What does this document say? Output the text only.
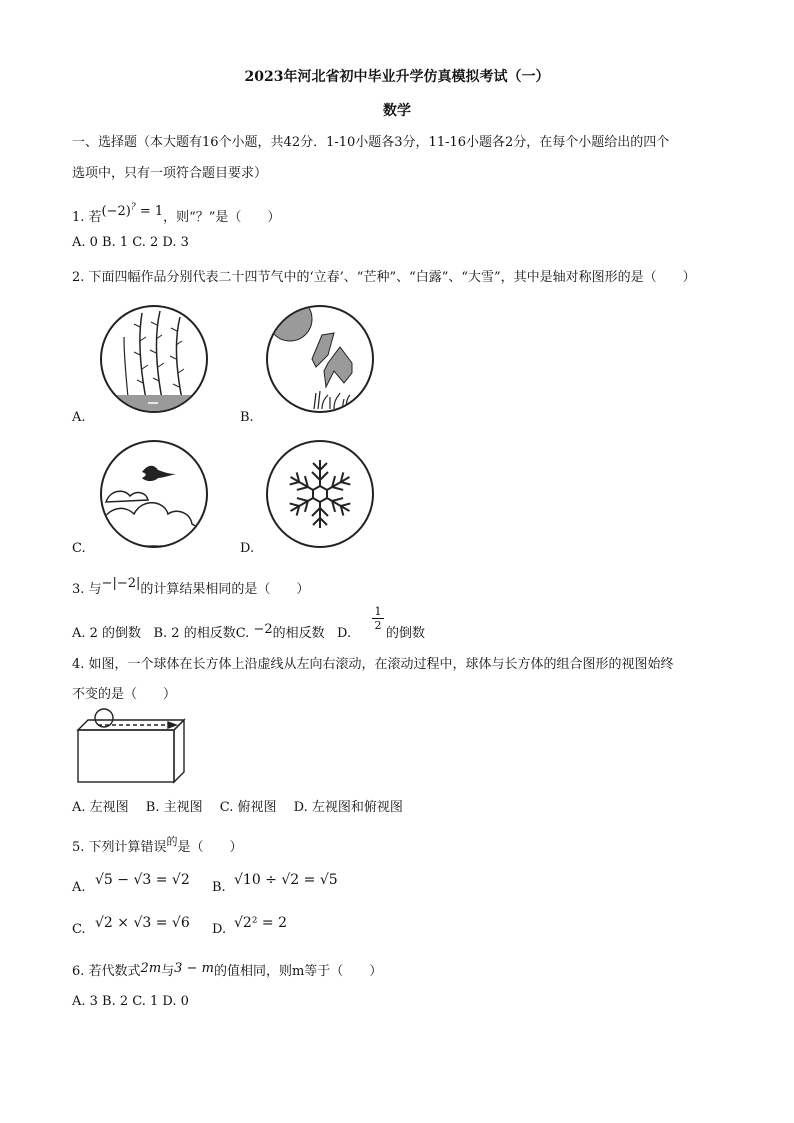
2023年河北省初中毕业升学仿真模拟考试（一）
数学
一、选择题（本大题有16个小题，共42分．1-10小题各3分，11-16小题各2分，在每个小题给出的四个
选项中，只有一项符合题目要求）
1. 若(−2)? = 1，则“？”是（　　）
A. 0 B. 1 C. 2 D. 3
2. 下面四幅作品分别代表二十四节气中的‘立春’、“芒种”、“白露”、“大雪”，其中是轴对称图形的是（　　）
A.	B.
C.	D.
3. 与−|−2|的计算结果相同的是（　　）
A. 2 的倒数 B. 2 的相反数C. −2的相反数 D.
$\frac{1}{2}$
的倒数
4. 如图，一个球体在长方体上沿虚线从左向右滚动，在滚动过程中，球体与长方体的组合图形的视图始终
不变的是（　　）
A. 左视图　 B. 主视图　 C. 俯视图　 D. 左视图和俯视图
5. 下列计算错误$^的$是（　　）
A. √5 − √3 = √2 B. √10 ÷ √2 = √5
C. √2 × √3 = √6 D. √2² = 2
6. 若代数式2m与3 − m的值相同，则m等于（　　）
A. 3 B. 2 C. 1 D. 0
